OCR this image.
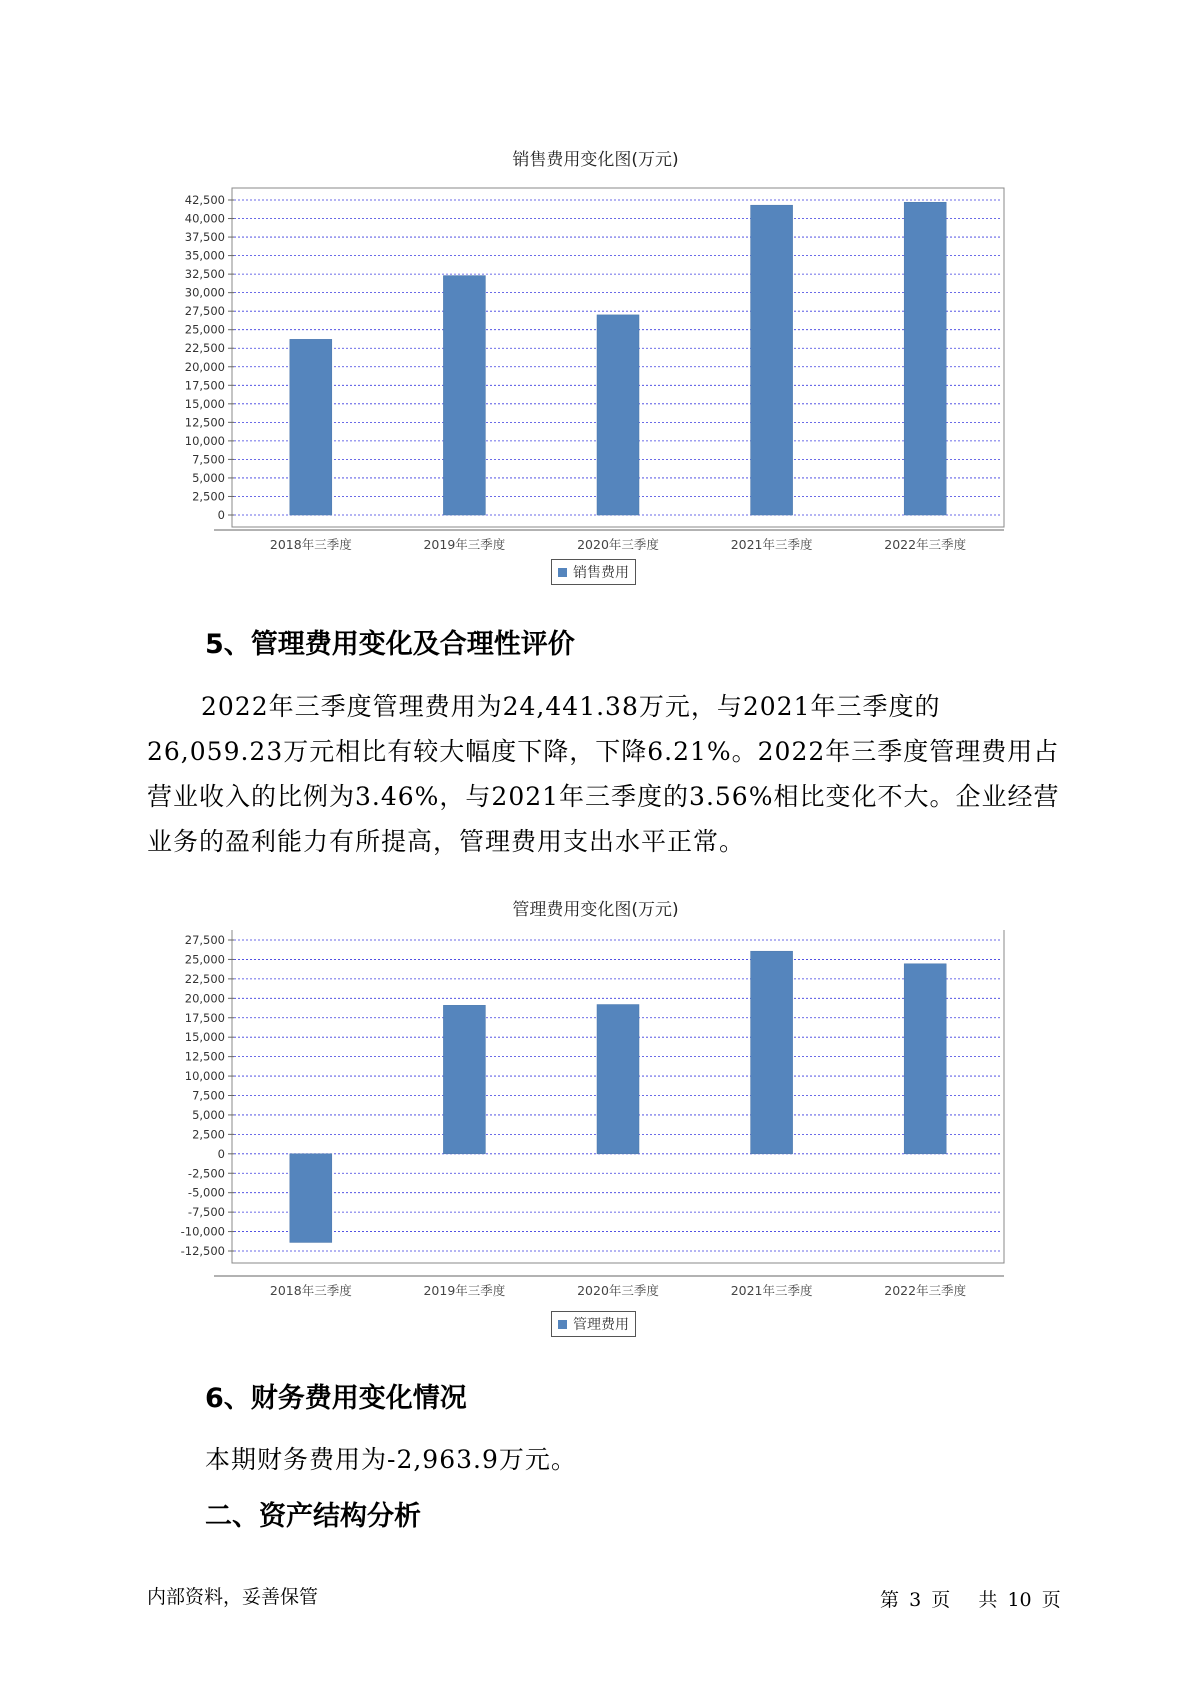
销售费用变化图(万元)
0
2,500
5,000
7,500
10,000
12,500
15,000
17,500
20,000
22,500
25,000
27,500
30,000
32,500
35,000
37,500
40,000
42,500
2018年三季度	2019年三季度	2020年三季度	2021年三季度	2022年三季度
销售费用
5、管理费用变化及合理性评价

2022年三季度管理费用为24,441.38万元，与2021年三季度的26,059.23万元相比有较大幅度下降，下降6.21%。2022年三季度管理费用占营业收入的比例为3.46%，与2021年三季度的3.56%相比变化不大。企业经营业务的盈利能力有所提高，管理费用支出水平正常。

管理费用变化图(万元)
-12,500
-10,000
-7,500
-5,000
-2,500
0
2,500
5,000
7,500
10,000
12,500
15,000
17,500
20,000
22,500
25,000
27,500
2018年三季度	2019年三季度	2020年三季度	2021年三季度	2022年三季度
管理费用
6、财务费用变化情况
本期财务费用为-2,963.9万元。
二、资产结构分析
内部资料，妥善保管	第 3 页 共 10 页
